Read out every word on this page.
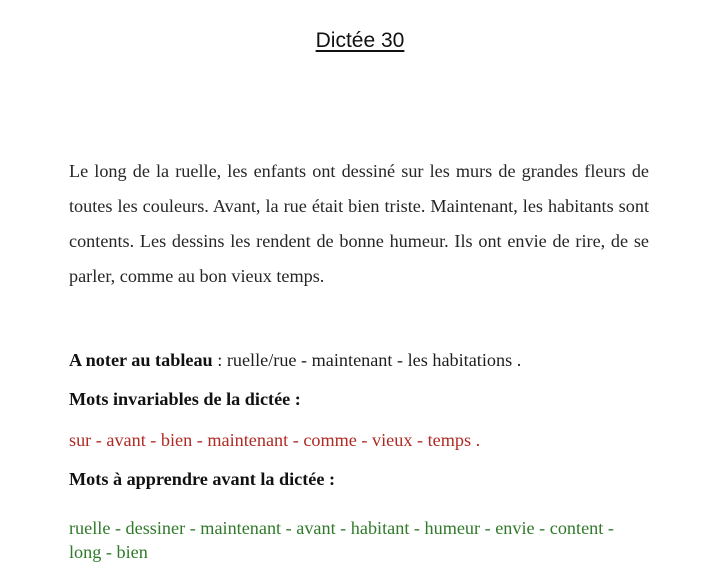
Dictée 30

Le long de la ruelle, les enfants ont dessiné sur les murs de grandes fleurs de toutes les couleurs. Avant, la rue était bien triste. Maintenant, les habitants sont contents. Les dessins les rendent de bonne humeur. Ils ont envie de rire, de se parler, comme au bon vieux temps.

A noter au tableau : ruelle/rue - maintenant - les habitations .
Mots invariables de la dictée :
sur - avant - bien - maintenant - comme - vieux - temps .
Mots à apprendre avant la dictée :

ruelle - dessiner - maintenant - avant - habitant - humeur - envie - content - long - bien
